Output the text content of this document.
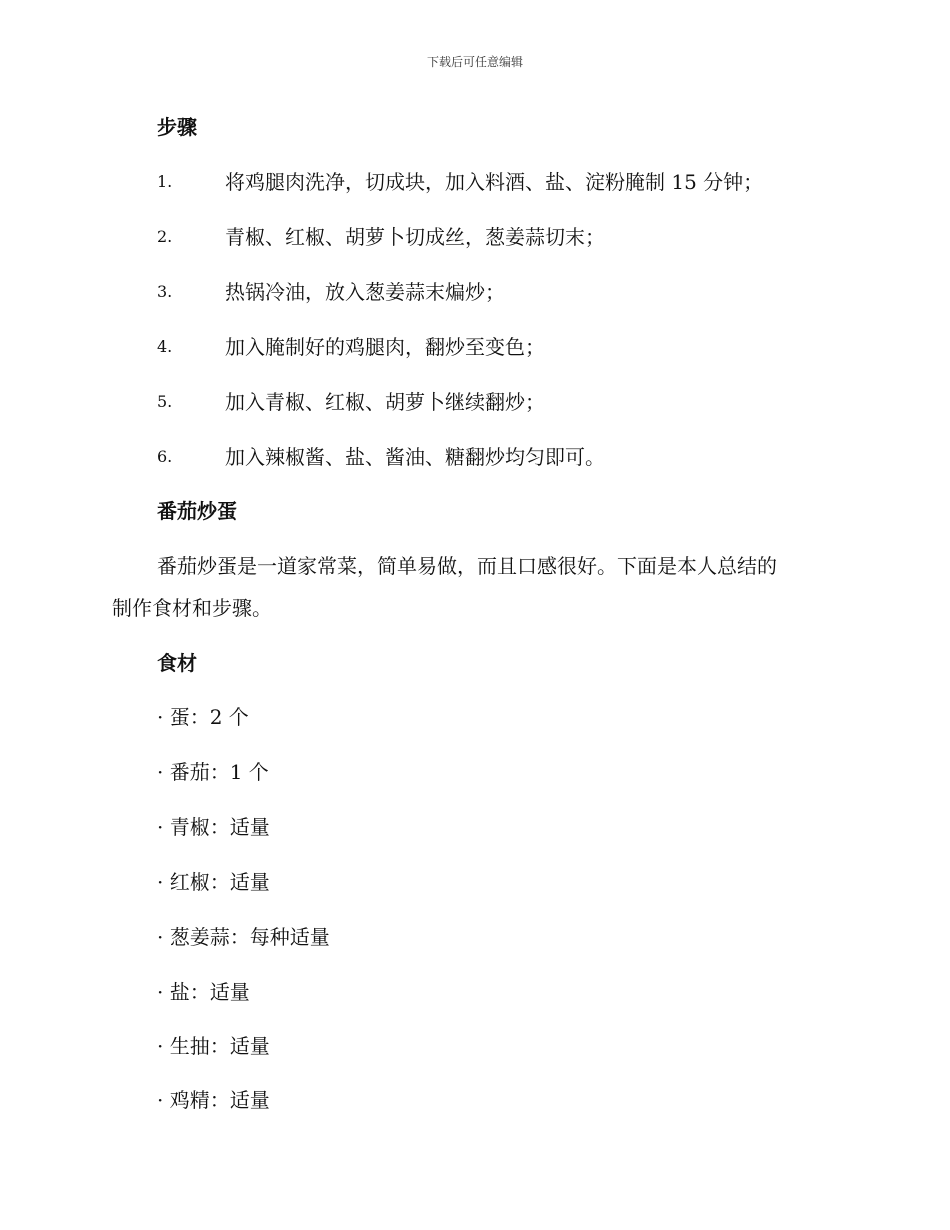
下载后可任意编辑
步骤
1.	将鸡腿肉洗净，切成块，加入料酒、盐、淀粉腌制 15 分钟；
2.	青椒、红椒、胡萝卜切成丝，葱姜蒜切末；
3.	热锅冷油，放入葱姜蒜末煸炒；
4.	加入腌制好的鸡腿肉，翻炒至变色；
5.	加入青椒、红椒、胡萝卜继续翻炒；
6.	加入辣椒酱、盐、酱油、糖翻炒均匀即可。
番茄炒蛋
番茄炒蛋是一道家常菜，简单易做，而且口感很好。下面是本人总结的
制作食材和步骤。
食材
· 蛋：2 个
· 番茄：1 个
· 青椒：适量
· 红椒：适量
· 葱姜蒜：每种适量
· 盐：适量
· 生抽：适量
· 鸡精：适量
